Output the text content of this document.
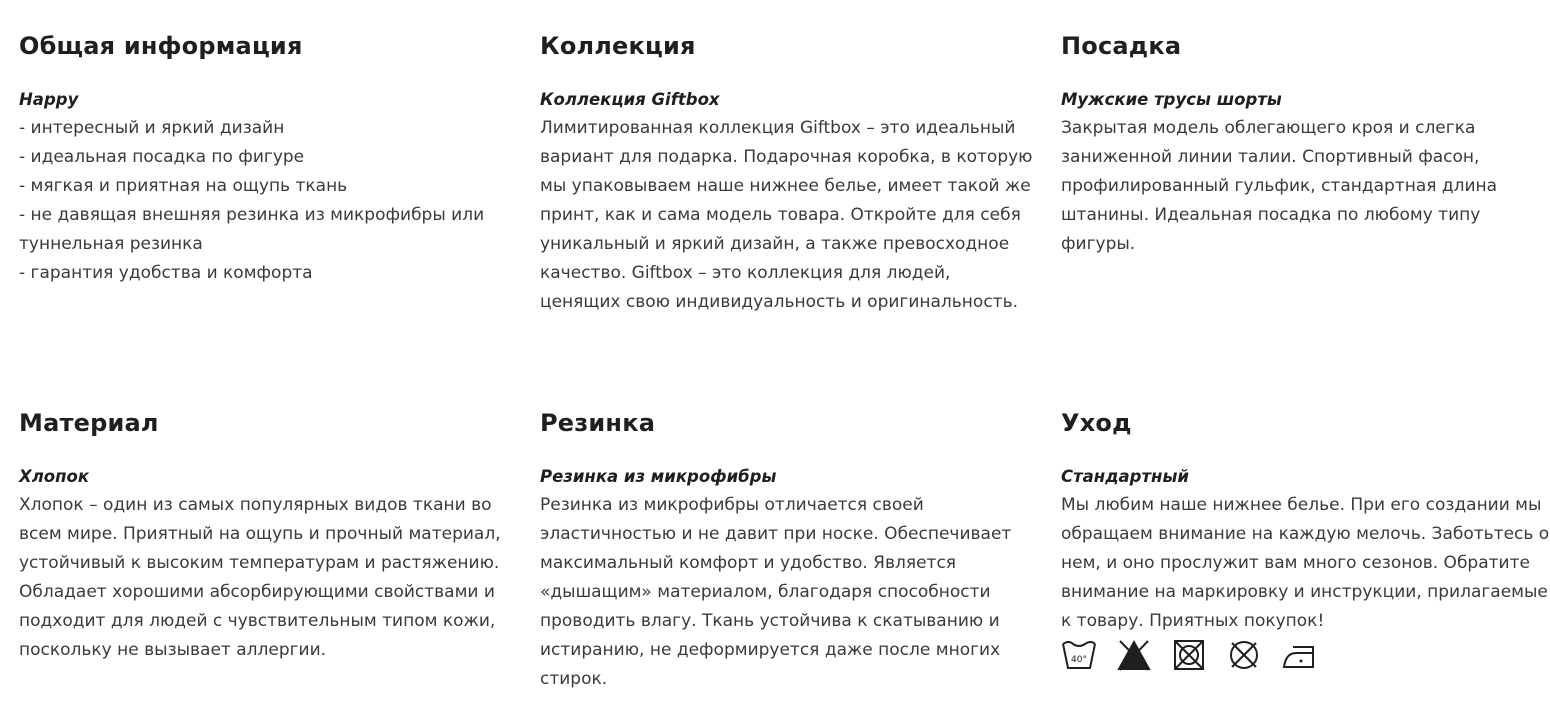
Общая информация

Happy

- интересный и яркий дизайн
- идеальная посадка по фигуре
- мягкая и приятная на ощупь ткань
- не давящая внешняя резинка из микрофибры или туннельная резинка
- гарантия удобства и комфорта
Коллекция

Коллекция Giftbox

Лимитированная коллекция Giftbox – это идеальный вариант для подарка. Подарочная коробка, в которую мы упаковываем наше нижнее белье, имеет такой же принт, как и сама модель товара. Откройте для себя уникальный и яркий дизайн, а также превосходное качество. Giftbox – это коллекция для людей, ценящих свою индивидуальность и оригинальность.

Посадка

Мужские трусы шорты

Закрытая модель облегающего кроя и слегка заниженной линии талии. Спортивный фасон, профилированный гульфик, стандартная длина штанины. Идеальная посадка по любому типу фигуры.

Материал

Хлопок

Хлопок – один из самых популярных видов ткани во всем мире. Приятный на ощупь и прочный материал, устойчивый к высоким температурам и растяжению. Обладает хорошими абсорбирующими свойствами и подходит для людей с чувствительным типом кожи, поскольку не вызывает аллергии.

Резинка

Резинка из микрофибры

Резинка из микрофибры отличается своей эластичностью и не давит при носке. Обеспечивает максимальный комфорт и удобство. Является «дышащим» материалом, благодаря способности проводить влагу. Ткань устойчива к скатыванию и истиранию, не деформируется даже после многих стирок.

Уход

Стандартный

Мы любим наше нижнее белье. При его создании мы обращаем внимание на каждую мелочь. Заботьтесь о нем, и оно прослужит вам много сезонов. Обратите внимание на маркировку и инструкции, прилагаемые к товару. Приятных покупок!

40°
